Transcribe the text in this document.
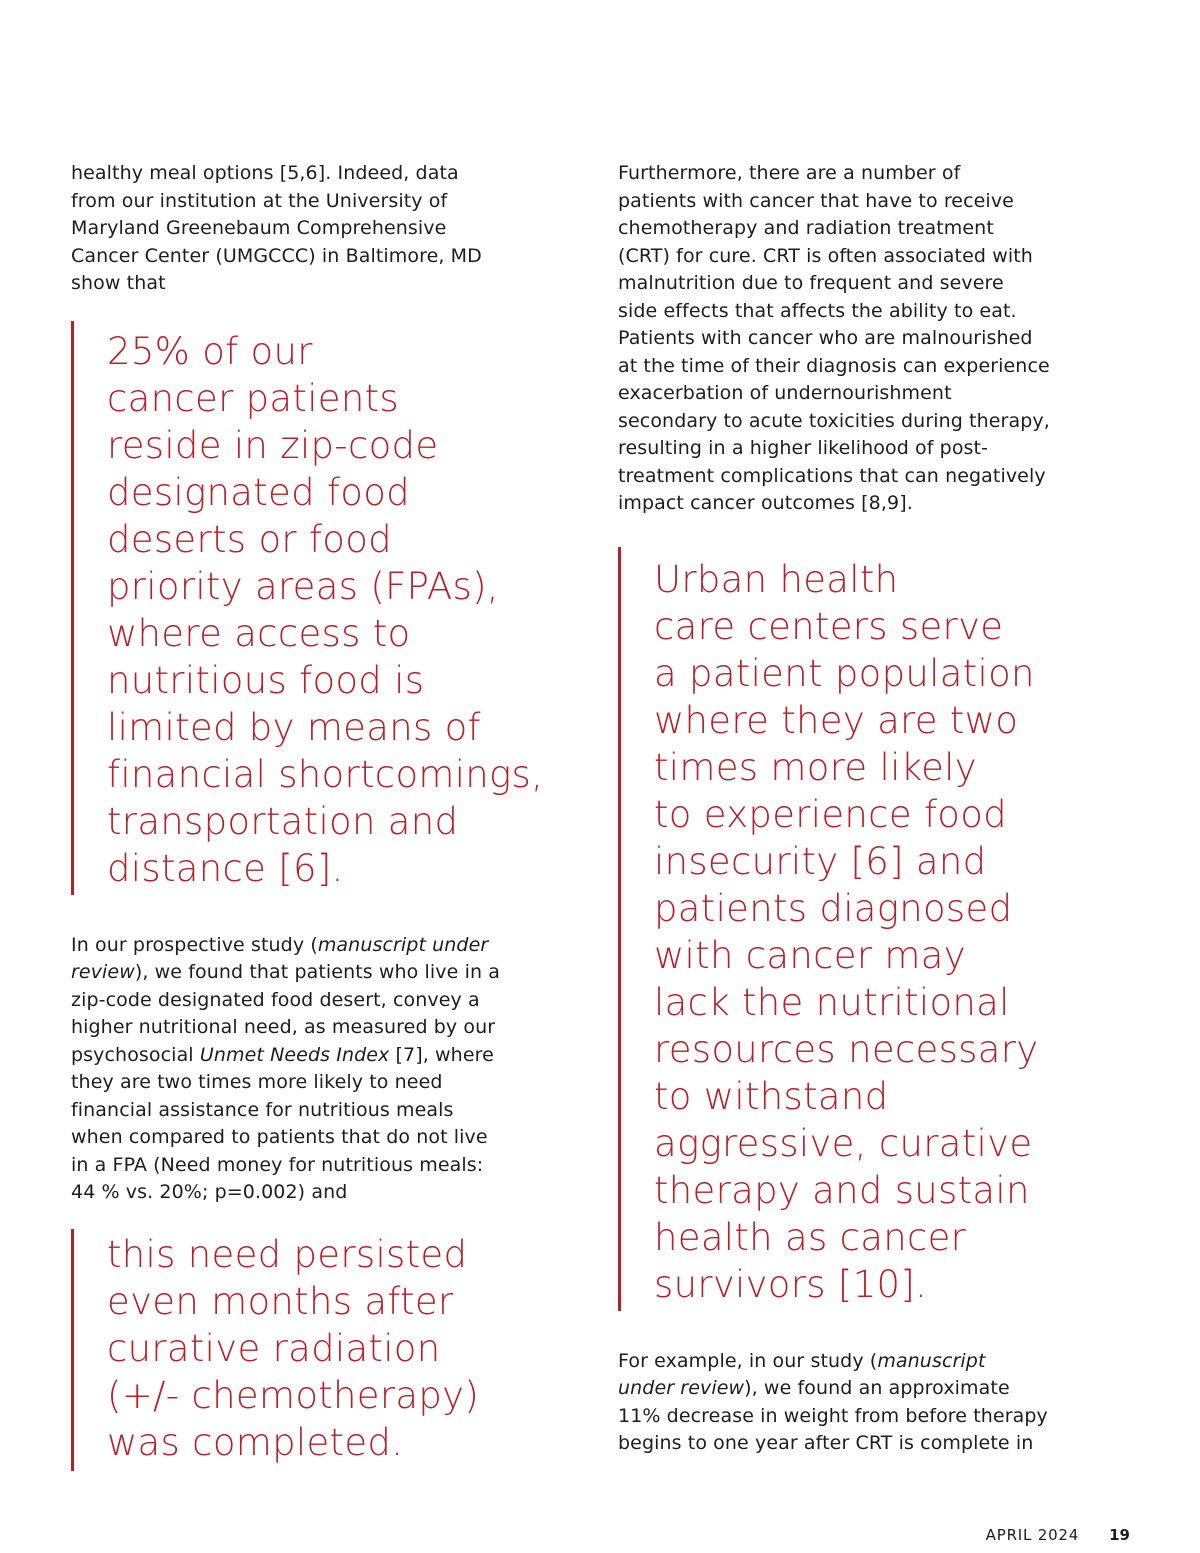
healthy meal options [5,6]. Indeed, data
from our institution at the University of
Maryland Greenebaum Comprehensive
Cancer Center (UMGCCC) in Baltimore, MD
show that

25% of our
cancer patients
reside in zip-code
designated food
deserts or food
priority areas (FPAs),
where access to
nutritious food is
limited by means of
financial shortcomings,
transportation and
distance [6].

In our prospective study (manuscript under
review), we found that patients who live in a
zip-code designated food desert, convey a
higher nutritional need, as measured by our
psychosocial Unmet Needs Index [7], where
they are two times more likely to need
financial assistance for nutritious meals
when compared to patients that do not live
in a FPA (Need money for nutritious meals:
44 % vs. 20%; p=0.002) and

this need persisted
even months after
curative radiation
(+/- chemotherapy)
was completed.

Furthermore, there are a number of
patients with cancer that have to receive
chemotherapy and radiation treatment
(CRT) for cure. CRT is often associated with
malnutrition due to frequent and severe
side effects that affects the ability to eat.
Patients with cancer who are malnourished
at the time of their diagnosis can experience
exacerbation of undernourishment
secondary to acute toxicities during therapy,
resulting in a higher likelihood of post-
treatment complications that can negatively
impact cancer outcomes [8,9].

Urban health
care centers serve
a patient population
where they are two
times more likely
to experience food
insecurity [6] and
patients diagnosed
with cancer may
lack the nutritional
resources necessary
to withstand
aggressive, curative
therapy and sustain
health as cancer
survivors [10].

For example, in our study (manuscript
under review), we found an approximate
11% decrease in weight from before therapy
begins to one year after CRT is complete in

APRIL 2024 19
